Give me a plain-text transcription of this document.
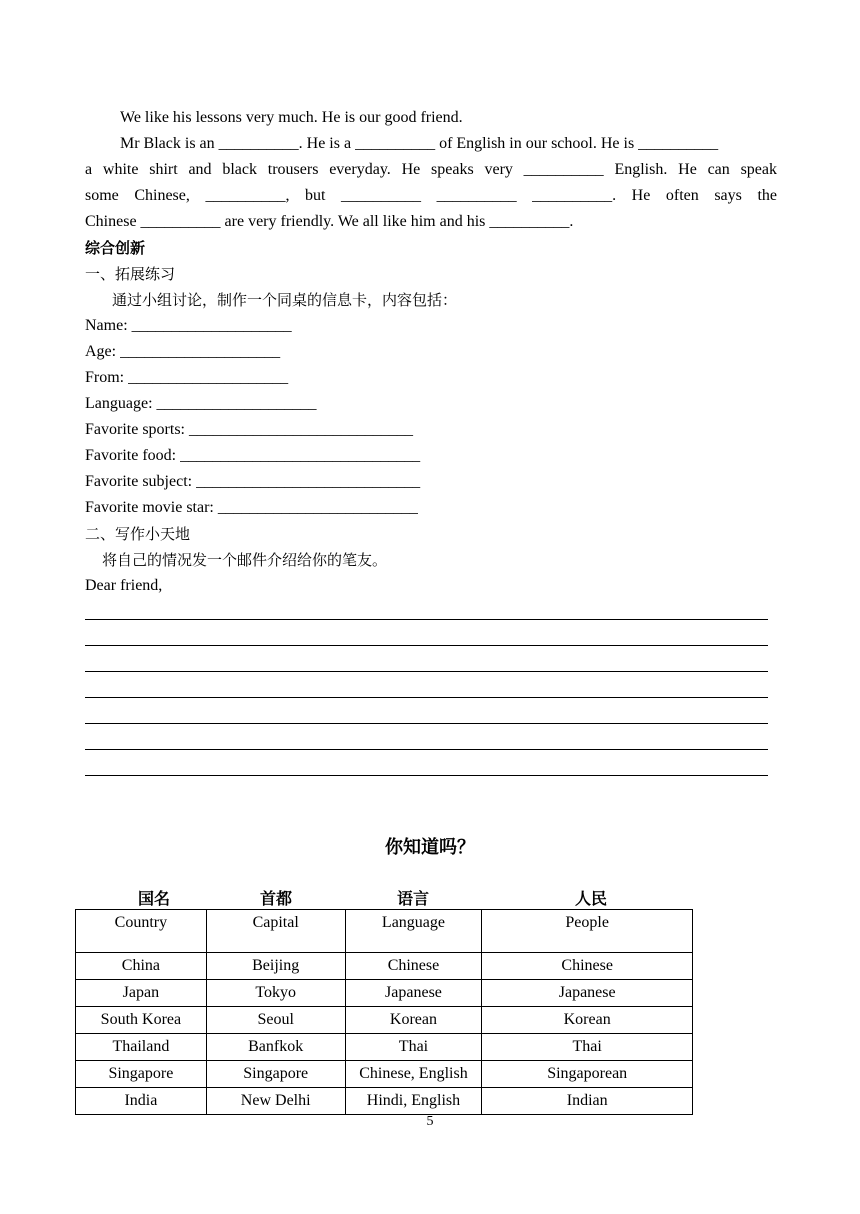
We like his lessons very much. He is our good friend.
Mr Black is an __________. He is a __________ of English in our school. He is __________
a white shirt and black trousers everyday. He speaks very __________ English. He can speak
some Chinese, __________, but __________ __________ __________. He often says the
Chinese __________ are very friendly. We all like him and his __________.
综合创新
一、拓展练习
通过小组讨论，制作一个同桌的信息卡，内容包括：
Name: ____________________
Age: ____________________
From: ____________________
Language: ____________________
Favorite sports: ____________________________
Favorite food: ______________________________
Favorite subject: ____________________________
Favorite movie star: _________________________
二、写作小天地
将自己的情况发一个邮件介绍给你的笔友。
Dear friend,
你知道吗？
国名	首都	语言	人民
Country	Capital	Language	People
China	Beijing	Chinese	Chinese
Japan	Tokyo	Japanese	Japanese
South Korea	Seoul	Korean	Korean
Thailand	Banfkok	Thai	Thai
Singapore	Singapore	Chinese, English	Singaporean
India	New Delhi	Hindi, English	Indian
5
